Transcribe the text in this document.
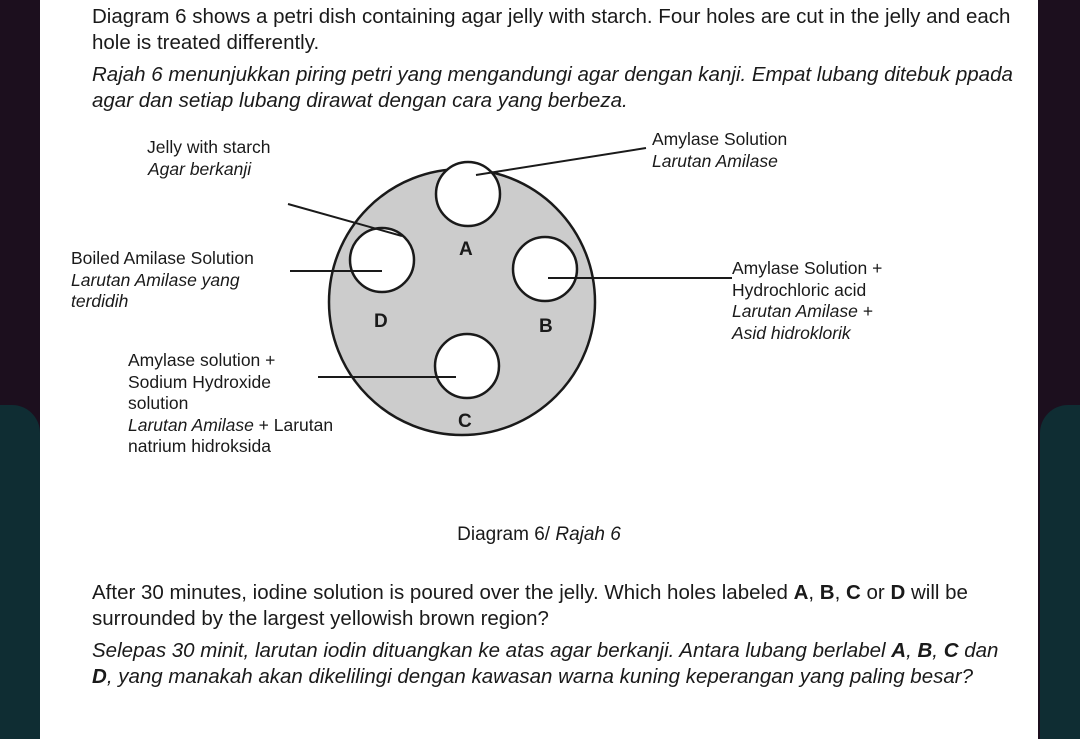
Diagram 6 shows a petri dish containing agar jelly with starch. Four holes are cut in the jelly and each hole is treated differently.

Rajah 6 menunjukkan piring petri yang mengandungi agar dengan kanji. Empat lubang ditebuk ppada agar dan setiap lubang dirawat dengan cara yang berbeza.

A
B
C
D
Jelly with starch
Agar berkanji
Amylase Solution
Larutan Amilase
Boiled Amilase Solution
Larutan Amilase yang
terdidih
Amylase Solution +
Hydrochloric acid
Larutan Amilase +
Asid hidroklorik
Amylase solution +
Sodium Hydroxide
solution
Larutan Amilase + Larutan
natrium hidroksida
Diagram 6/ Rajah 6

After 30 minutes, iodine solution is poured over the jelly. Which holes labeled A, B, C or D will be surrounded by the largest yellowish brown region?

Selepas 30 minit, larutan iodin dituangkan ke atas agar berkanji. Antara lubang berlabel A, B, C dan D, yang manakah akan dikelilingi dengan kawasan warna kuning keperangan yang paling besar?
